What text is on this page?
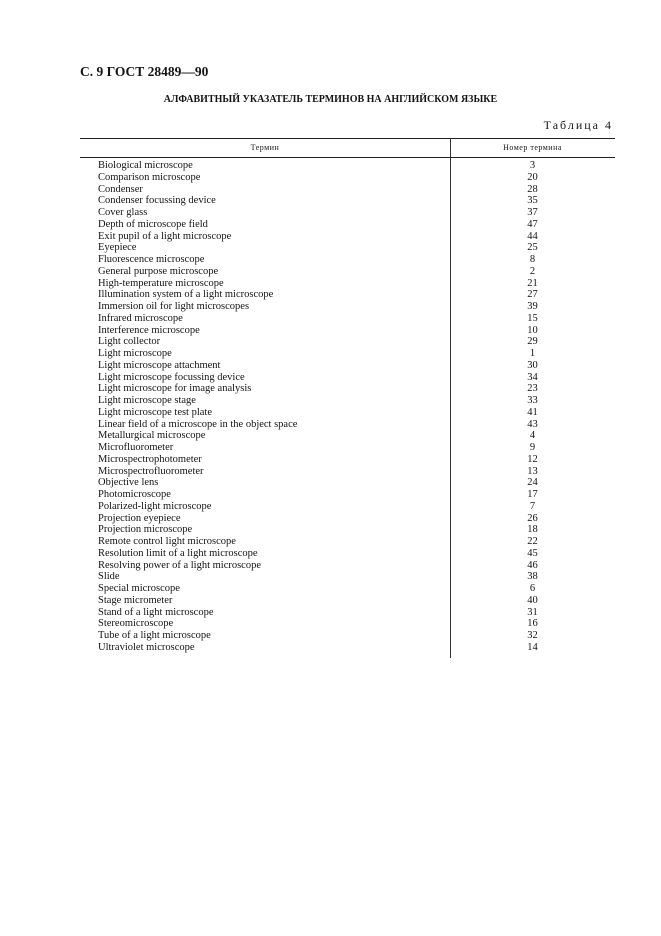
С. 9 ГОСТ 28489—90
АЛФАВИТНЫЙ УКАЗАТЕЛЬ ТЕРМИНОВ НА АНГЛИЙСКОМ ЯЗЫКЕ
Таблица 4
Термин	Номер термина
Biological microscope	3
Comparison microscope	20
Condenser	28
Condenser focussing device	35
Cover glass	37
Depth of microscope field	47
Exit pupil of a light microscope	44
Eyepiece	25
Fluorescence microscope	8
General purpose microscope	2
High-temperature microscope	21
Illumination system of a light microscope	27
Immersion oil for light microscopes	39
Infrared microscope	15
Interference microscope	10
Light collector	29
Light microscope	1
Light microscope attachment	30
Light microscope focussing device	34
Light microscope for image analysis	23
Light microscope stage	33
Light microscope test plate	41
Linear field of a microscope in the object space	43
Metallurgical microscope	4
Microfluorometer	9
Microspectrophotometer	12
Microspectrofluorometer	13
Objective lens	24
Photomicroscope	17
Polarized-light microscope	7
Projection eyepiece	26
Projection microscope	18
Remote control light microscope	22
Resolution limit of a light microscope	45
Resolving power of a light microscope	46
Slide	38
Special microscope	6
Stage micrometer	40
Stand of a light microscope	31
Stereomicroscope	16
Tube of a light microscope	32
Ultraviolet microscope	14
